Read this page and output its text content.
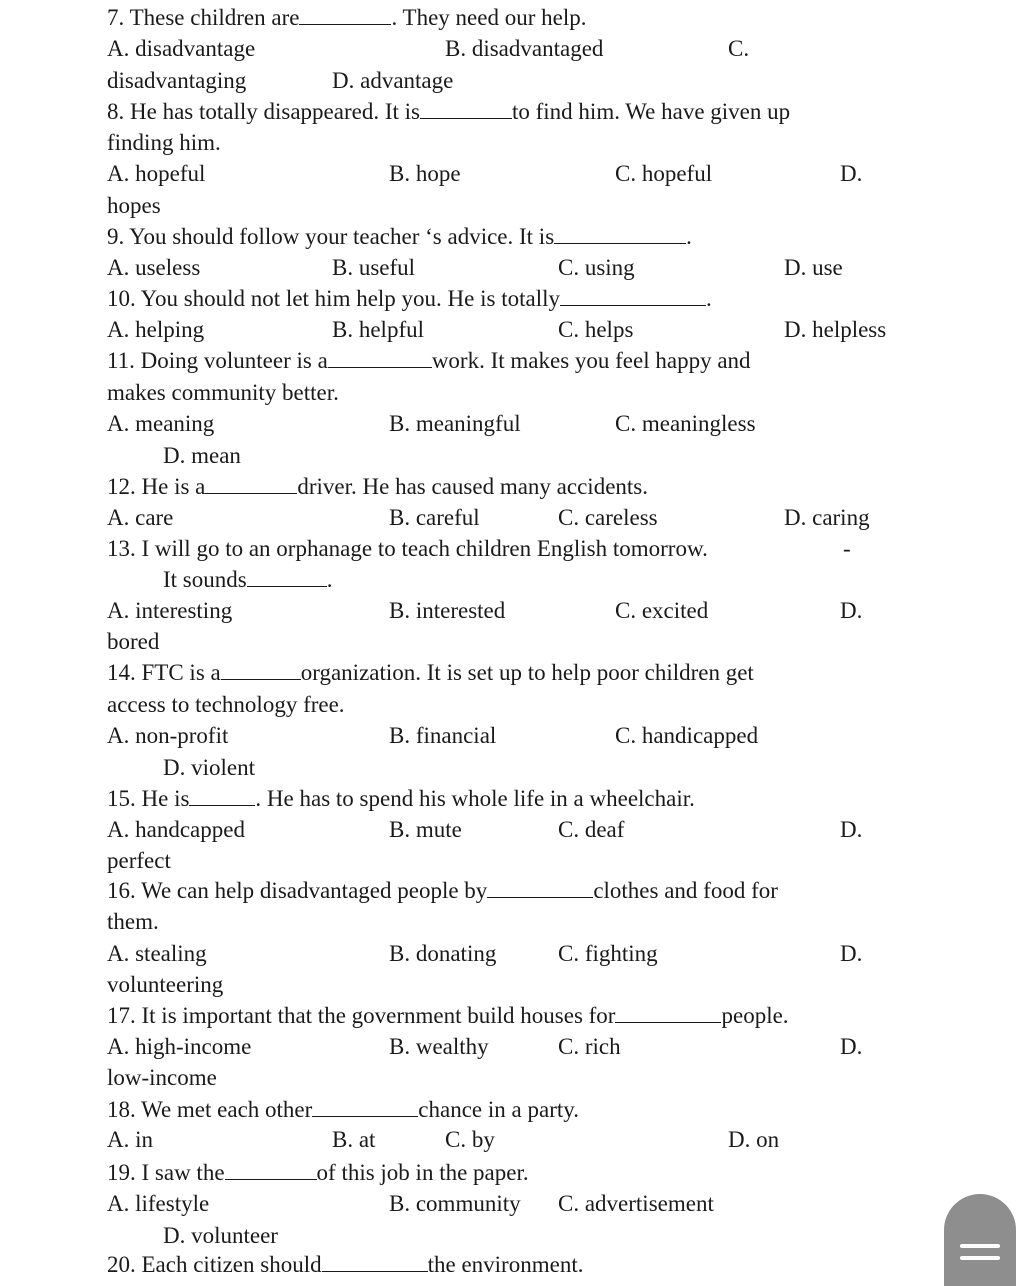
7. These children are	. They need our help.
A. disadvantage	B. disadvantaged	C.
disadvantaging	D. advantage
8. He has totally disappeared. It is	to find him. We have given up
finding him.
A. hopeful	B. hope	C. hopeful	D.
hopes
9. You should follow your teacher ‘s advice. It is	.
A. useless	B. useful	C. using	D. use
10. You should not let him help you. He is totally	.
A. helping	B. helpful	C. helps	D. helpless
11. Doing volunteer is a	work. It makes you feel happy and
makes community better.
A. meaning	B. meaningful	C. meaningless
D. mean
12. He is a	driver. He has caused many accidents.
A. care	B. careful	C. careless	D. caring
13. I will go to an orphanage to teach children English tomorrow.	-
It sounds	.
A. interesting	B. interested	C. excited	D.
bored
14. FTC is a	organization. It is set up to help poor children get
access to technology free.
A. non-profit	B. financial	C. handicapped
D. violent
15. He is	. He has to spend his whole life in a wheelchair.
A. handcapped	B. mute	C. deaf	D.
perfect
16. We can help disadvantaged people by	clothes and food for
them.
A. stealing	B. donating	C. fighting	D.
volunteering
17. It is important that the government build houses for	people.
A. high-income	B. wealthy	C. rich	D.
low-income
18. We met each other	chance in a party.
A. in	B. at	C. by	D. on
19. I saw the	of this job in the paper.
A. lifestyle	B. community C. advertisement
D. volunteer
20. Each citizen should	the environment.
